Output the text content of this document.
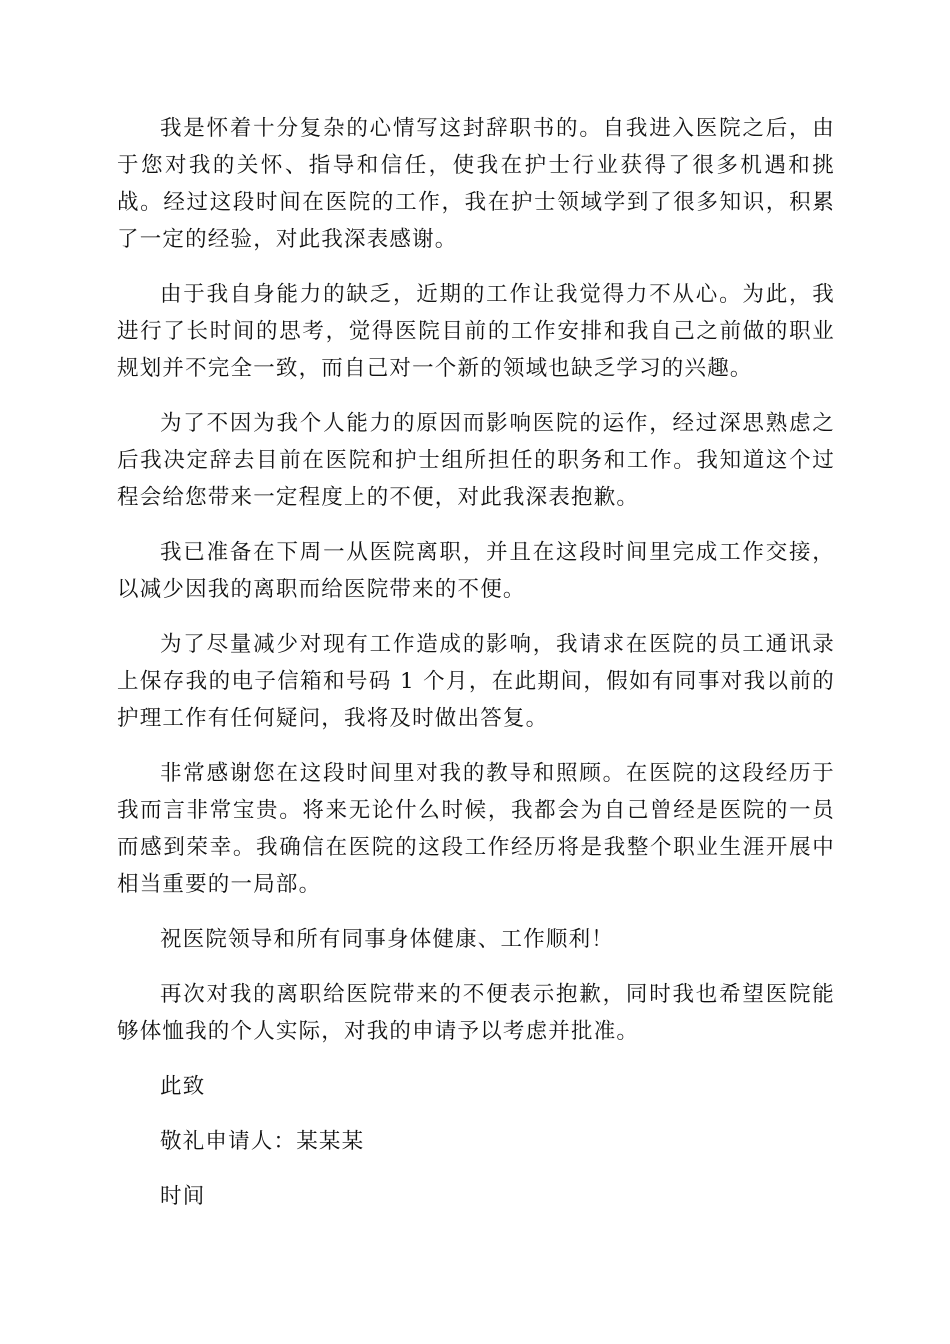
我是怀着十分复杂的心情写这封辞职书的。自我进入医院之后，由于您对我的关怀、指导和信任，使我在护士行业获得了很多机遇和挑战。经过这段时间在医院的工作，我在护士领域学到了很多知识，积累了一定的经验，对此我深表感谢。

由于我自身能力的缺乏，近期的工作让我觉得力不从心。为此，我进行了长时间的思考，觉得医院目前的工作安排和我自己之前做的职业规划并不完全一致，而自己对一个新的领域也缺乏学习的兴趣。

为了不因为我个人能力的原因而影响医院的运作，经过深思熟虑之后我决定辞去目前在医院和护士组所担任的职务和工作。我知道这个过程会给您带来一定程度上的不便，对此我深表抱歉。

我已准备在下周一从医院离职，并且在这段时间里完成工作交接，以减少因我的离职而给医院带来的不便。

为了尽量减少对现有工作造成的影响，我请求在医院的员工通讯录上保存我的电子信箱和号码 1 个月，在此期间，假如有同事对我以前的护理工作有任何疑问，我将及时做出答复。

非常感谢您在这段时间里对我的教导和照顾。在医院的这段经历于我而言非常宝贵。将来无论什么时候，我都会为自己曾经是医院的一员而感到荣幸。我确信在医院的这段工作经历将是我整个职业生涯开展中相当重要的一局部。

祝医院领导和所有同事身体健康、工作顺利！

再次对我的离职给医院带来的不便表示抱歉，同时我也希望医院能够体恤我的个人实际，对我的申请予以考虑并批准。

此致

敬礼申请人：某某某

时间
